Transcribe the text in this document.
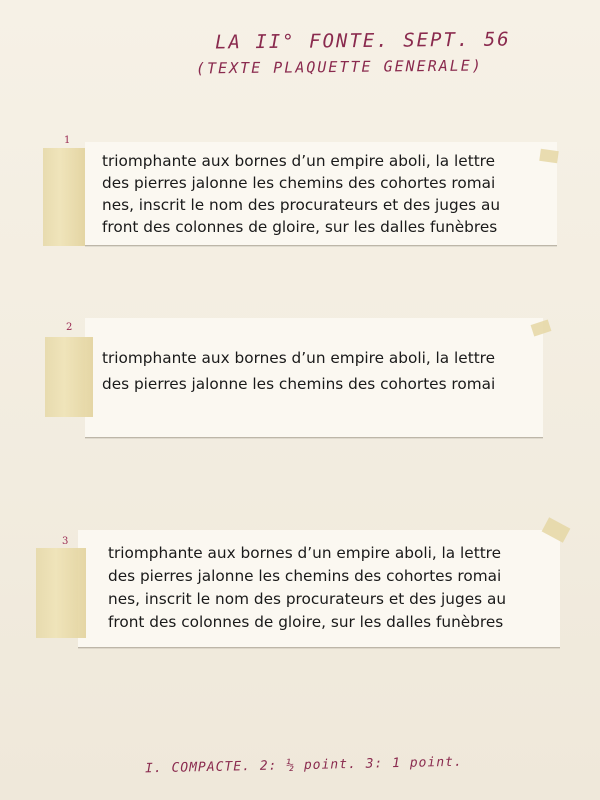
LA II° FONTE. SEPT. 56
(TEXTE PLAQUETTE GENERALE)
1
triomphante aux bornes d’un empire aboli, la lettre
des pierres jalonne les chemins des cohortes romai
nes, inscrit le nom des procurateurs et des juges au
front des colonnes de gloire, sur les dalles funèbres
2
triomphante aux bornes d’un empire aboli, la lettre
des pierres jalonne les chemins des cohortes romai
3
triomphante aux bornes d’un empire aboli, la lettre
des pierres jalonne les chemins des cohortes romai
nes, inscrit le nom des procurateurs et des juges au
front des colonnes de gloire, sur les dalles funèbres
I. COMPACTE. 2: ½ point. 3: 1 point.
